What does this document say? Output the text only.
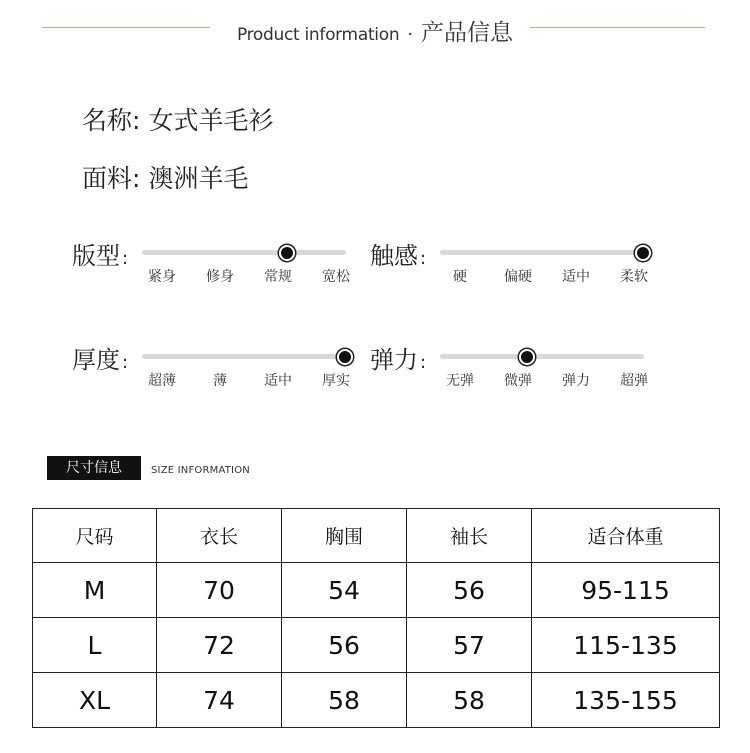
Product information · 产品信息
名称: 女式羊毛衫
面料: 澳洲羊毛
版型 :
紧身 修身 常规 宽松
触感 :
硬	偏硬 适中 柔软
厚度 :
超薄	薄	适中 厚实
弹力 :
无弹 微弹 弹力 超弹
尺寸信息	SIZE INFORMATION
尺码	衣长	胸围	袖长	适合体重
M	70	54	56	95-115
L	72	56	57	115-135
XL	74	58	58	135-155
